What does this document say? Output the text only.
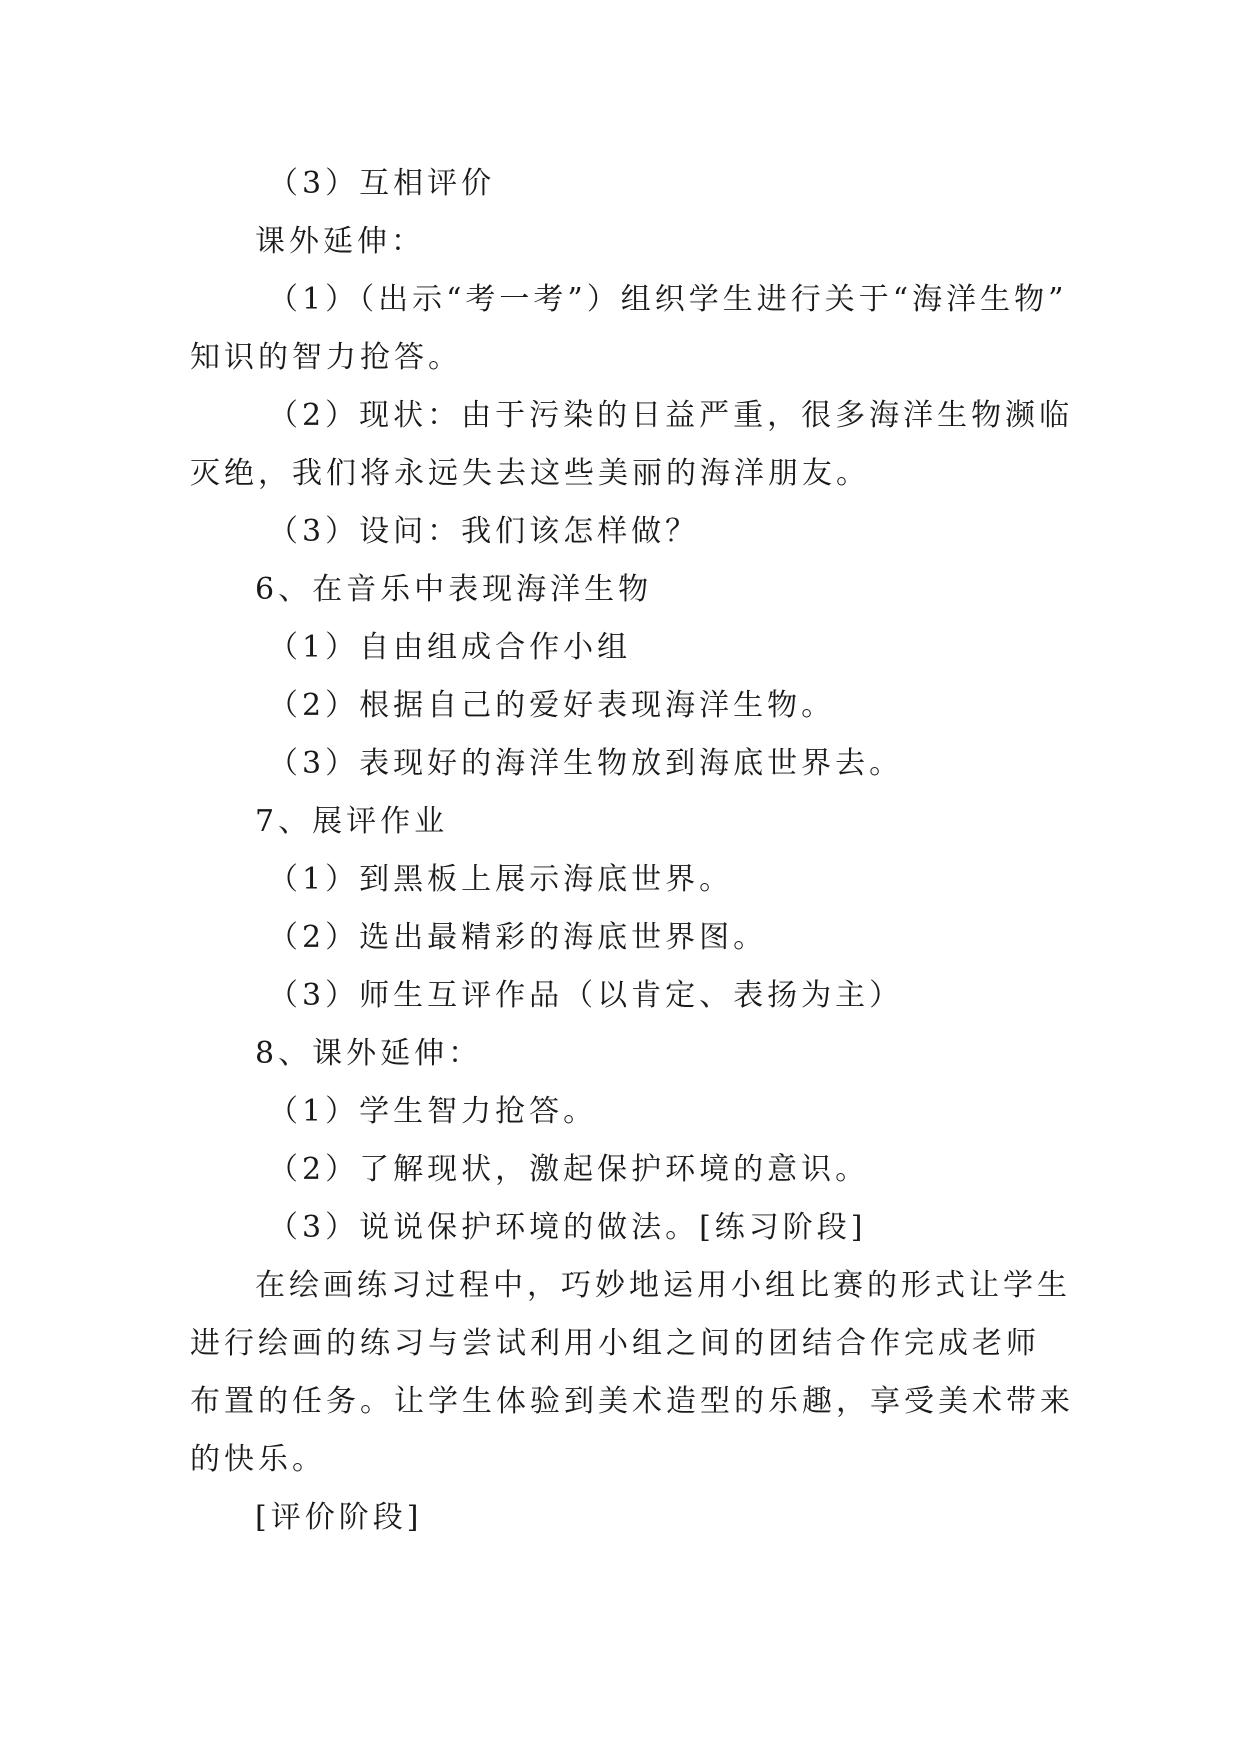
（3）互相评价
课外延伸：
（1）（出示“考一考”）组织学生进行关于“海洋生物”
知识的智力抢答。
（2）现状：由于污染的日益严重，很多海洋生物濒临
灭绝，我们将永远失去这些美丽的海洋朋友。
（3）设问：我们该怎样做？
6、在音乐中表现海洋生物
（1）自由组成合作小组
（2）根据自己的爱好表现海洋生物。
（3）表现好的海洋生物放到海底世界去。
7、展评作业
（1）到黑板上展示海底世界。
（2）选出最精彩的海底世界图。
（3）师生互评作品（以肯定、表扬为主）
8、课外延伸：
（1）学生智力抢答。
（2）了解现状，激起保护环境的意识。
（3）说说保护环境的做法。[练习阶段]
在绘画练习过程中，巧妙地运用小组比赛的形式让学生
进行绘画的练习与尝试利用小组之间的团结合作完成老师
布置的任务。让学生体验到美术造型的乐趣，享受美术带来
的快乐。
[评价阶段]
